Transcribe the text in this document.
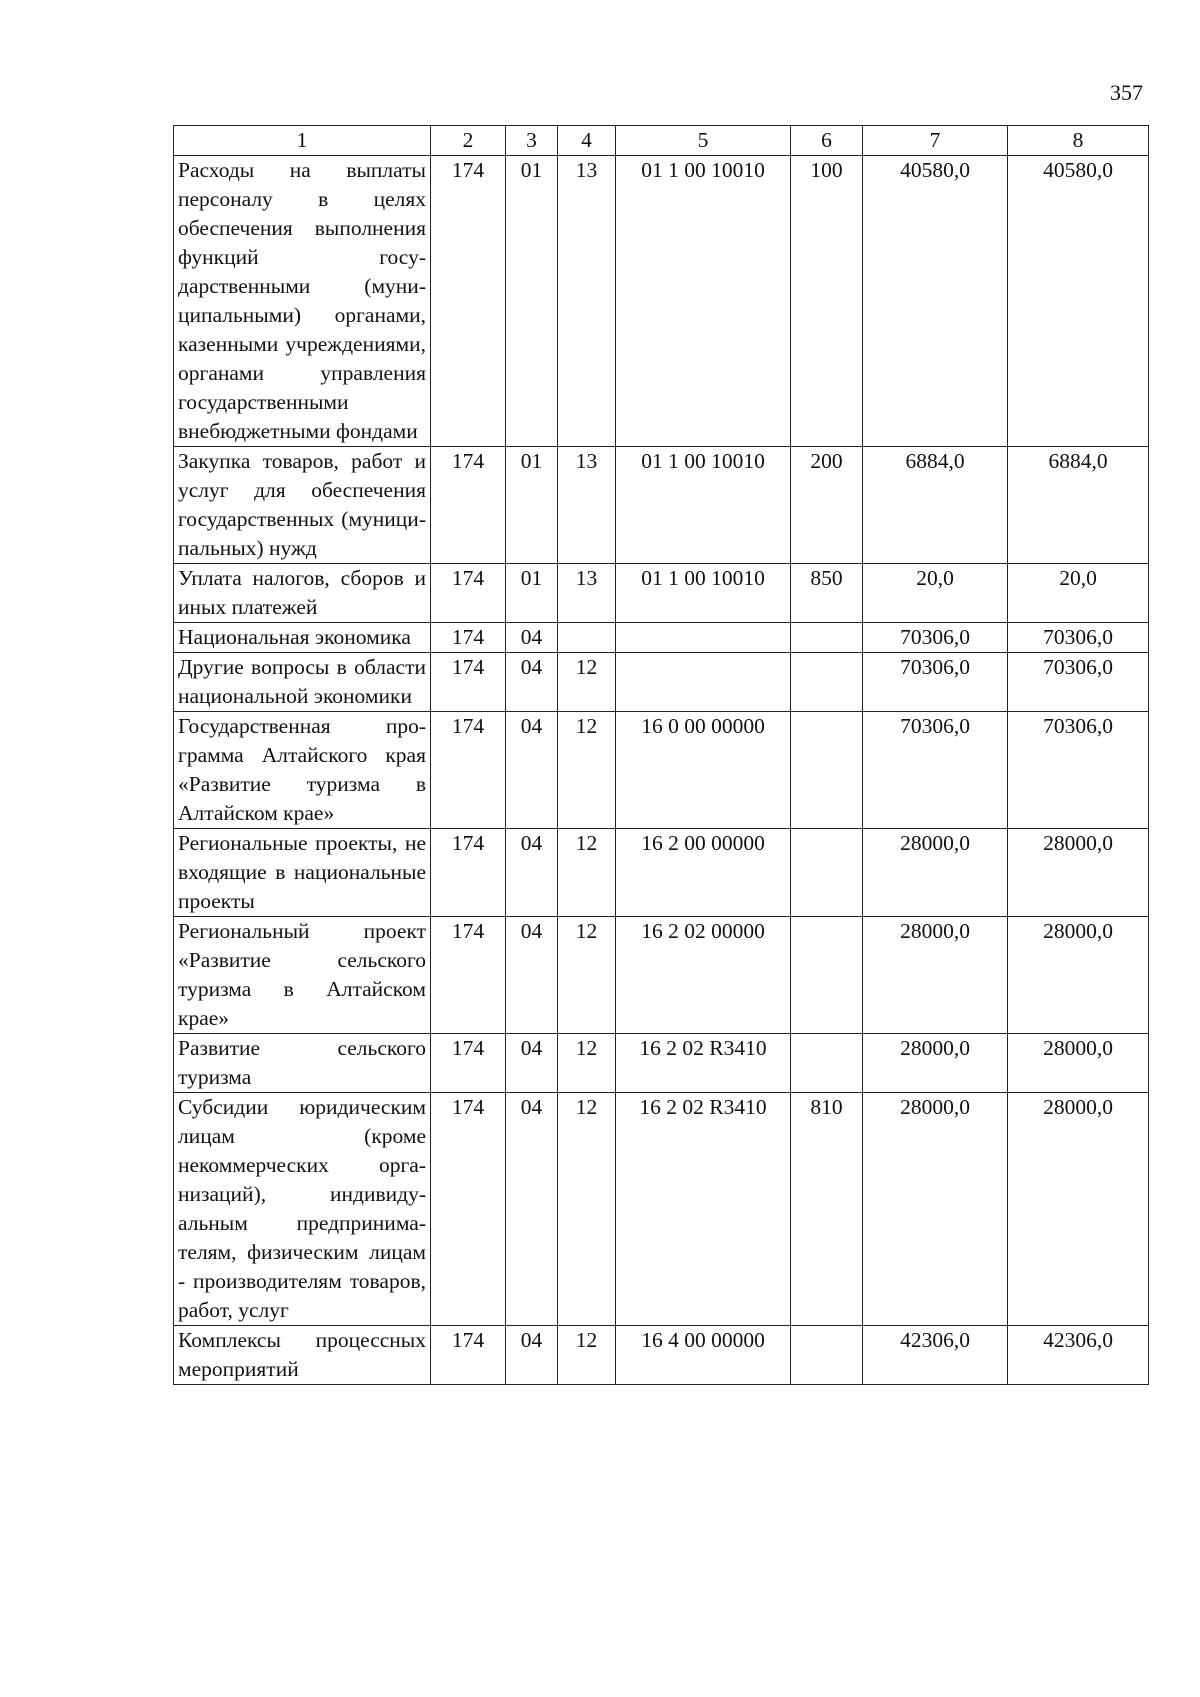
357
1	2	3	4	5	6	7	8
Расходы на выплаты персоналу в целях обеспечения выполнения функций государственными (муниципальными) органами, казенными учреждениями, органами управления государственными внебюджетными фондами	174	01	13	01 1 00 10010	100	40580,0	40580,0
Закупка товаров, работ и услуг для обеспечения государственных (муниципальных) нужд	174	01	13	01 1 00 10010	200	6884,0	6884,0
Уплата налогов, сборов и иных платежей	174	01	13	01 1 00 10010	850	20,0	20,0
Национальная экономика	174	04				70306,0	70306,0
Другие вопросы в области национальной экономики	174	04	12			70306,0	70306,0
Государственная программа Алтайского края «Развитие туризма в Алтайском крае»	174	04	12	16 0 00 00000		70306,0	70306,0
Региональные проекты, не входящие в национальные проекты	174	04	12	16 2 00 00000		28000,0	28000,0
Региональный проект «Развитие сельского туризма в Алтайском крае»	174	04	12	16 2 02 00000		28000,0	28000,0
Развитие сельского туризма	174	04	12	16 2 02 R3410		28000,0	28000,0
Субсидии юридическим лицам (кроме некоммерческих организаций), индивидуальным предпринимателям, физическим лицам - производителям товаров, работ, услуг	174	04	12	16 2 02 R3410	810	28000,0	28000,0
Комплексы процессных мероприятий	174	04	12	16 4 00 00000		42306,0	42306,0
